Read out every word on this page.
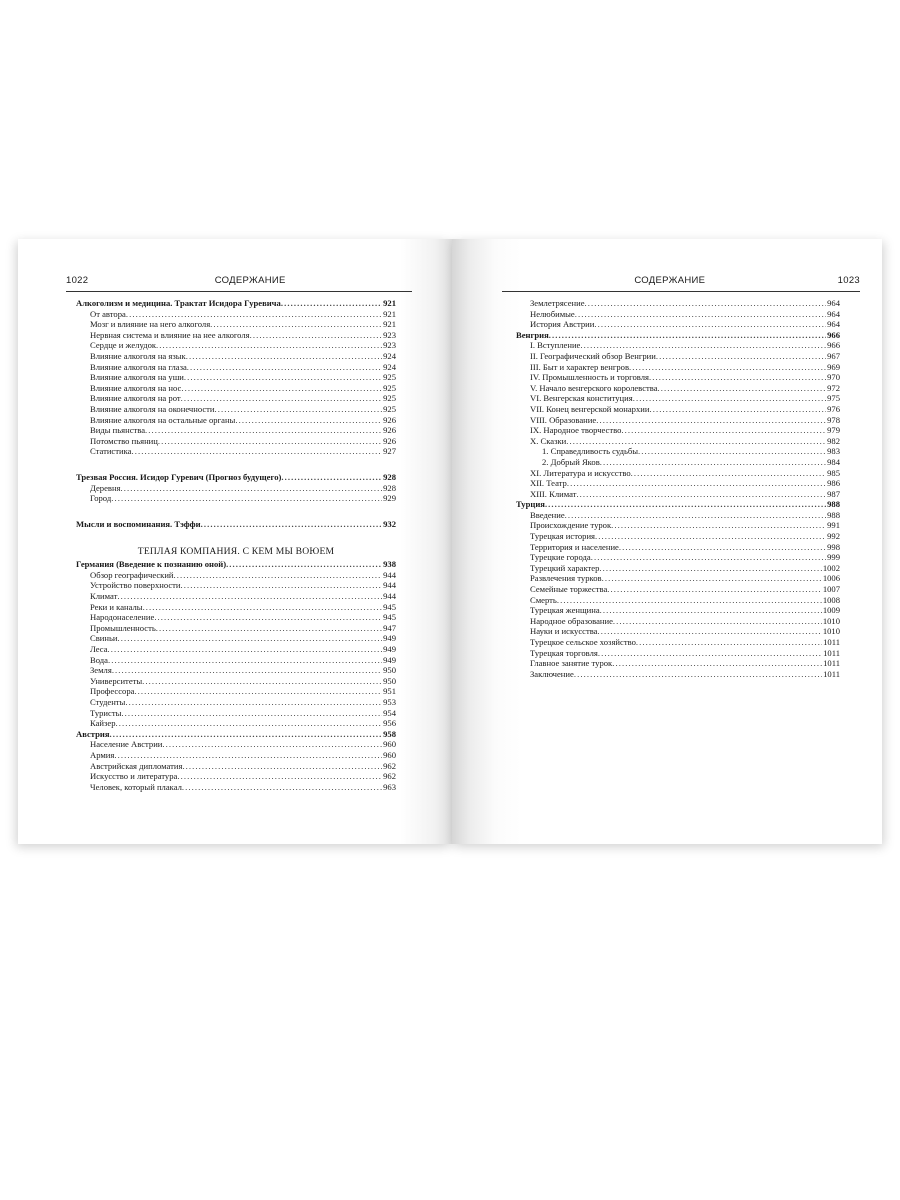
1022	СОДЕРЖАНИЕ
Алкоголизм и медицина. Трактат Исидора Гуревича .....	921
От автора .....	921
Мозг и влияние на него алкоголя .....	921
Нервная система и влияние на нее алкоголя .....	923
Сердце и желудок .....	923
Влияние алкоголя на язык .....	924
Влияние алкоголя на глаза .....	924
Влияние алкоголя на уши .....	925
Влияние алкоголя на нос .....	925
Влияние алкоголя на рот .....	925
Влияние алкоголя на оконечности .....	925
Влияние алкоголя на остальные органы .....	926
Виды пьянства .....	926
Потомство пьяниц .....	926
Статистика .....	927
Трезвая Россия. Исидор Гуревич (Прогноз будущего) .....	928
Деревня .....	928
Город .....	929
Мысли и воспоминания. Тэффи .....	932
ТЕПЛАЯ КОМПАНИЯ. С КЕМ МЫ ВОЮЕМ
Германия (Введение к познанию оной) .....	938
Обзор географический .....	944
Устройство поверхности .....	944
Климат .....	944
Реки и каналы .....	945
Народонаселение .....	945
Промышленность .....	947
Свиньи .....	949
Леса .....	949
Вода .....	949
Земля .....	950
Университеты .....	950
Профессора .....	951
Студенты .....	953
Туристы .....	954
Кайзер .....	956
Австрия .....	958
Население Австрии .....	960
Армия .....	960
Австрийская дипломатия .....	962
Искусство и литература .....	962
Человек, который плакал .....	963
СОДЕРЖАНИЕ	1023
Землетрясение .....	964
Нелюбимые .....	964
История Австрии .....	964
Венгрия .....	966
I. Вступление .....	966
II. Географический обзор Венгрии .....	967
III. Быт и характер венгров .....	969
IV. Промышленность и торговля .....	970
V. Начало венгерского королевства .....	972
VI. Венгерская конституция .....	975
VII. Конец венгерской монархии .....	976
VIII. Образование .....	978
IX. Народное творчество .....	979
X. Сказки .....	982
1. Справедливость судьбы .....	983
2. Добрый Яков .....	984
XI. Литература и искусство .....	985
XII. Театр .....	986
XIII. Климат .....	987
Турция .....	988
Введение .....	988
Происхождение турок .....	991
Турецкая история .....	992
Территория и население .....	998
Турецкие города .....	999
Турецкий характер .....	1002
Развлечения турков .....	1006
Семейные торжества .....	1007
Смерть .....	1008
Турецкая женщина .....	1009
Народное образование .....	1010
Науки и искусства .....	1010
Турецкое сельское хозяйство .....	1011
Турецкая торговля .....	1011
Главное занятие турок .....	1011
Заключение .....	1011
